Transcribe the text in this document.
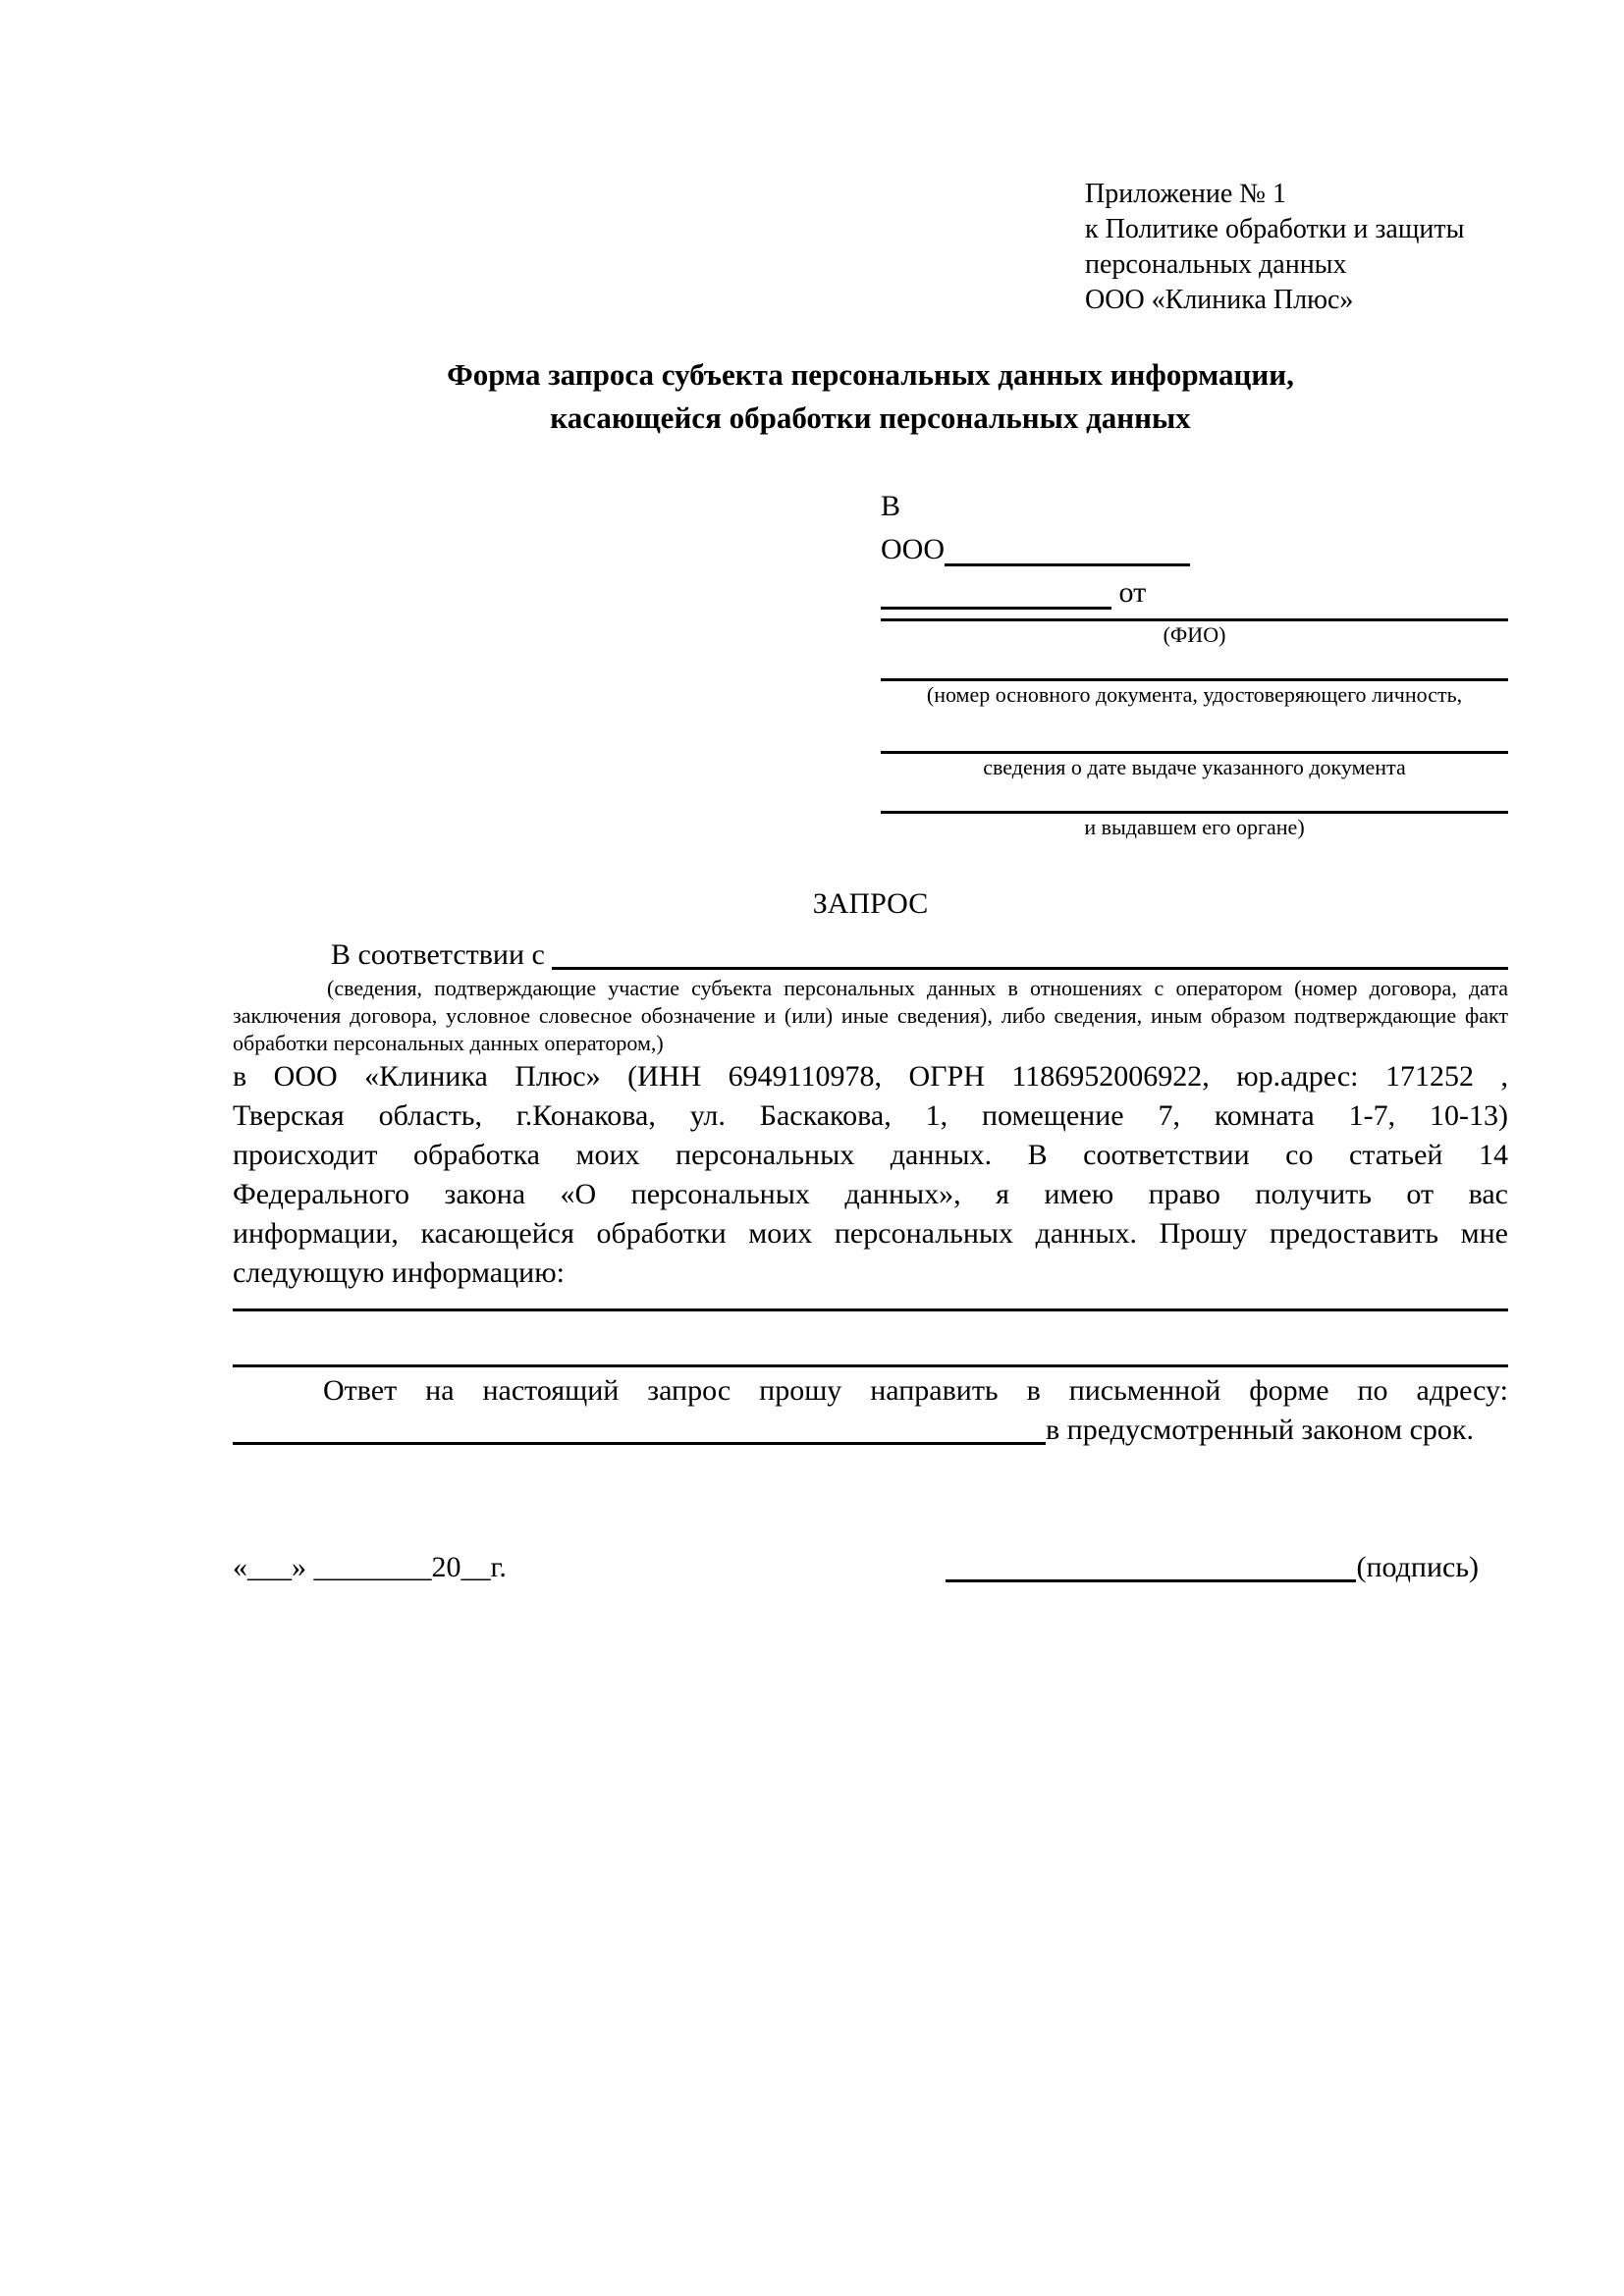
Приложение № 1
к Политике обработки и защиты
персональных данных
ООО «Клиника Плюс»
Форма запроса субъекта персональных данных информации,
касающейся обработки персональных данных
В
ООО
от
(ФИО)
(номер основного документа, удостоверяющего личность,
сведения о дате выдаче указанного документа
и выдавшем его органе)
ЗАПРОС
В соответствии с
(сведения, подтверждающие участие субъекта персональных данных в отношениях с оператором (номер договора, дата
заключения договора, условное словесное обозначение и (или) иные сведения), либо сведения, иным образом подтверждающие факт
обработки персональных данных оператором,)
в ООО «Клиника Плюс» (ИНН 6949110978, ОГРН 1186952006922, юр.адрес: 171252 ,
Тверская область, г.Конакова, ул. Баскакова, 1, помещение 7, комната 1-7, 10-13)
происходит обработка моих персональных данных. В соответствии со статьей 14
Федерального закона «О персональных данных», я имею право получить от вас
информации, касающейся обработки моих персональных данных. Прошу предоставить мне
следующую информацию:
Ответ на настоящий запрос прошу направить в письменной форме по адресу:
в предусмотренный законом срок.
«___» ________20__г.	(подпись)
